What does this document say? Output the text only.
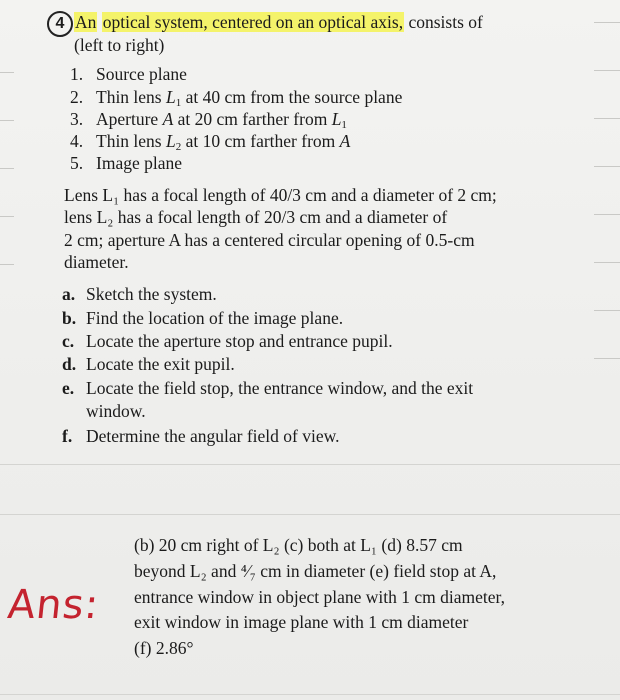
4 An optical system, centered on an optical axis, consists of
(left to right)
1. Source plane
2. Thin lens $L_1$ at 40 cm from the source plane
3. Aperture A at 20 cm farther from $L_1$
4. Thin lens $L_2$ at 10 cm farther from A
5. Image plane
Lens L₁ has a focal length of 40/3 cm and a diameter of 2 cm;
lens L₂ has a focal length of 20/3 cm and a diameter of
2 cm; aperture A has a centered circular opening of 0.5-cm
diameter.
a. Sketch the system.
b. Find the location of the image plane.
c. Locate the aperture stop and entrance pupil.
d. Locate the exit pupil.
e. Locate the field stop, the entrance window, and the exit
window.
f. Determine the angular field of view.
Ans:
(b) 20 cm right of L₂ (c) both at L₁ (d) 8.57 cm
beyond L₂ and ⁴⁄₇ cm in diameter (e) field stop at A,
entrance window in object plane with 1 cm diameter,
exit window in image plane with 1 cm diameter
(f) 2.86°
